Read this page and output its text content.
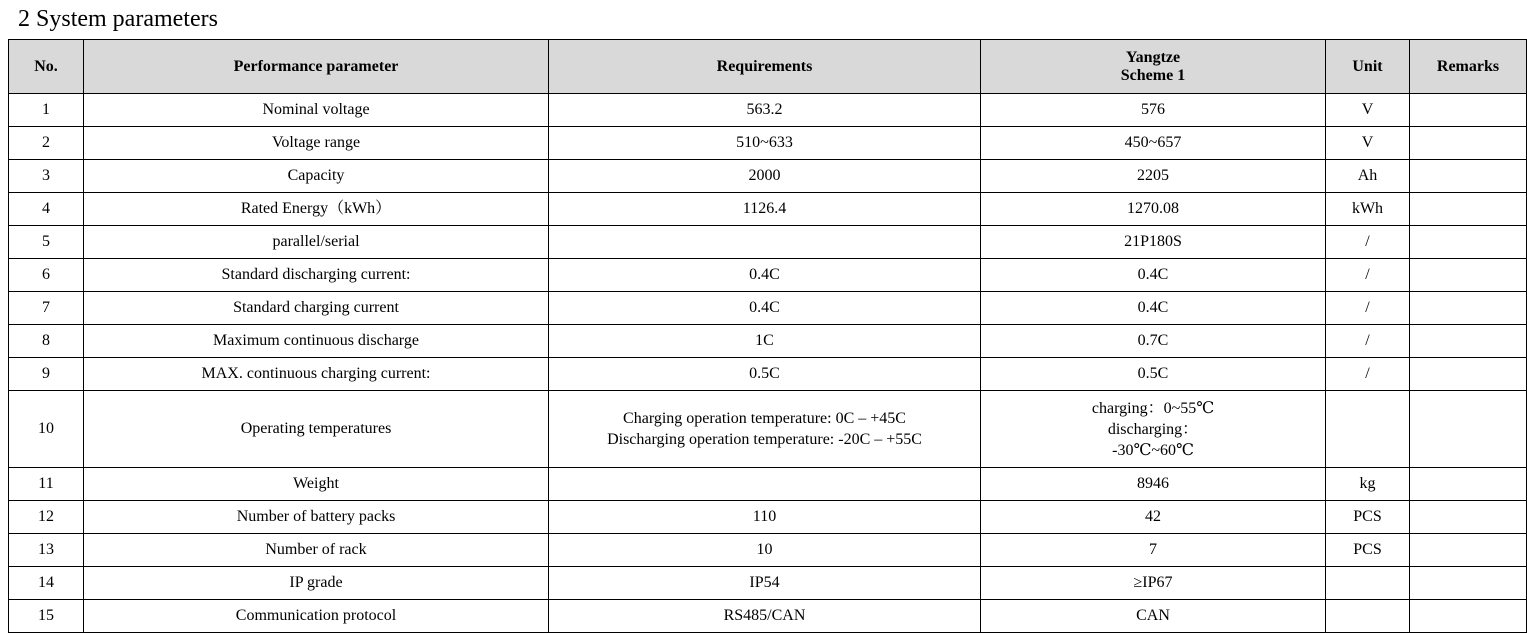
2 System parameters
No.	Performance parameter	Requirements	Yangtze
Scheme 1	Unit	Remarks
1	Nominal voltage	563.2	576	V	
2	Voltage range	510~633	450~657	V	
3	Capacity	2000	2205	Ah	
4	Rated Energy（kWh）	1126.4	1270.08	kWh	
5	parallel/serial		21P180S	/	
6	Standard discharging current:	0.4C	0.4C	/	
7	Standard charging current	0.4C	0.4C	/	
8	Maximum continuous discharge	1C	0.7C	/	
9	MAX. continuous charging current:	0.5C	0.5C	/	
10	Operating temperatures	Charging operation temperature: 0C – +45C
Discharging operation temperature: -20C – +55C	charging：0~55℃
discharging：
-30℃~60℃		

11	Weight		8946	kg	
12	Number of battery packs	110	42	PCS	
13	Number of rack	10	7	PCS	
14	IP grade	IP54	≥IP67		
15	Communication protocol	RS485/CAN	CAN		
